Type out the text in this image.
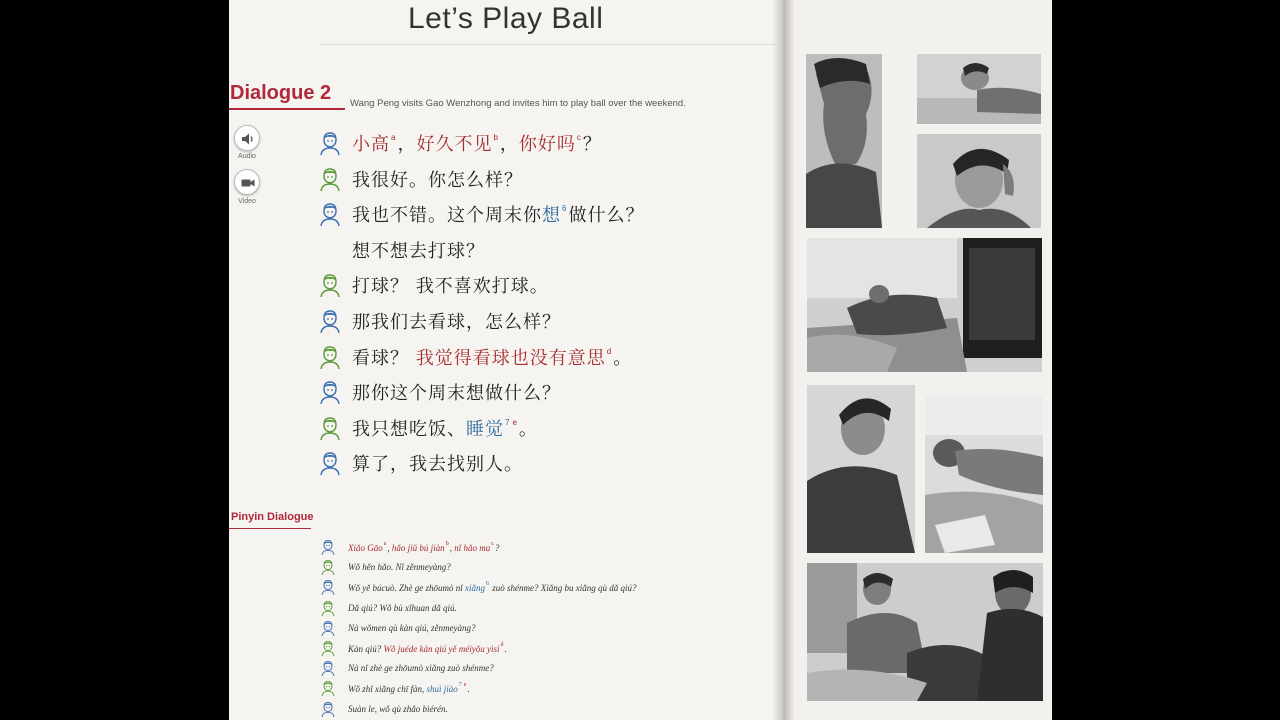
Let’s Play Ball
Dialogue 2 Wang Peng visits Gao Wenzhong and invites him to play ball over the weekend.
Audio
Video
小高$^a$，好久不见$^b$，你好吗$^c$？
我很好。你怎么样？
我也不错。这个周末你想$^6$做什么？
想不想去打球？
打球？ 我不喜欢打球。
那我们去看球，怎么样？
看球？ 我觉得看球也没有意思$^d$。
那你这个周末想做什么？
我只想吃饭、睡觉$^7$ $^e$。
算了，我去找别人。
Pinyin Dialogue
Xiǎo Gāo$^a$, hǎo jiǔ bú jiàn$^b$, nǐ hǎo $ma^c$?
Wǒ hěn hǎo. Nǐ zěnmeyàng?
Wǒ yě búcuò. Zhè ge zhōumò nǐ xiǎng$^6$ zuò shénme? Xiǎng bu xiǎng qù dǎ qiú?
Dǎ qiú? Wǒ bù xǐhuan dǎ qiú.
Nà wǒmen qù kàn qiú, zěnmeyàng?
Kàn qiú? Wǒ juéde kàn qiú yě méiyǒu yìsi$^d$.
Nà nǐ zhè ge zhōumò xiǎng zuò shénme?
Wǒ zhǐ xiǎng chī fàn, shuì jiào$^7$ $^e$.
Suàn le, wǒ qù zhǎo biérén.
